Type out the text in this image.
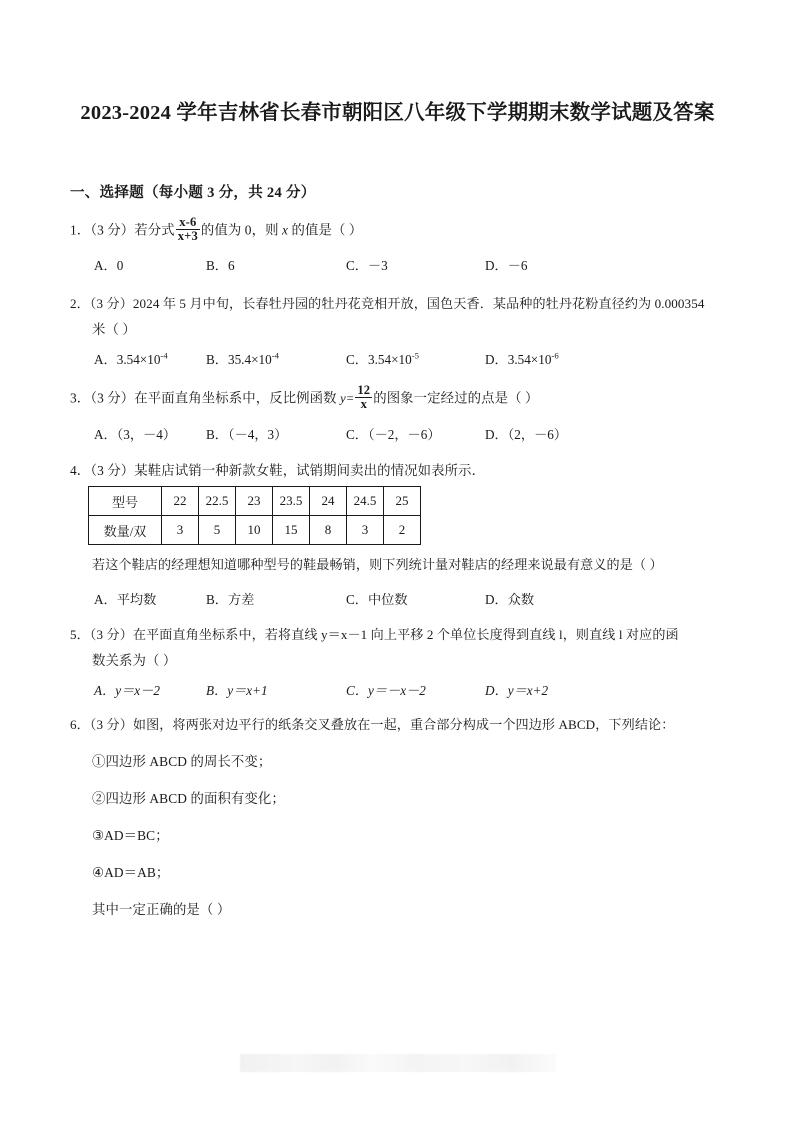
2023-2024 学年吉林省长春市朝阳区八年级下学期期末数学试题及答案
一、选择题（每小题 3 分，共 24 分）
1．（3 分）若分式 $\frac{x-6}{x+3}$ 的值为 0，则 x 的值是（ ）
A．0	B．6	C．－3	D．－6
2．（3 分）2024 年 5 月中旬，长春牡丹园的牡丹花竞相开放，国色天香．某品种的牡丹花粉直径约为 0.000354
米（ ）
A．$3.54\times 10^{-4}$	B．$35.4\times 10^{-4}$	C．$3.54\times 10^{-5}$	D．$3.54\times 10^{-6}$
3．（3 分）在平面直角坐标系中，反比例函数 $y= \frac{12}{x}$ 的图象一定经过的点是（ ）
A．（3，－4） B．（－4，3）	C．（－2，－6）	D．（2，－6）
4．（3 分）某鞋店试销一种新款女鞋，试销期间卖出的情况如表所示．
型号	22	22.5	23	23.5	24	24.5	25
数量/双	3	5	10	15	8	3	2
若这个鞋店的经理想知道哪种型号的鞋最畅销，则下列统计量对鞋店的经理来说最有意义的是（ ）
A．平均数	B．方差	C．中位数	D．众数
5．（3 分）在平面直角坐标系中，若将直线 y＝x－1 向上平移 2 个单位长度得到直线 l，则直线 l 对应的函
数关系为（ ）
A．y＝x－2	B．y＝x+1	C．y＝－x－2	D．y＝x+2
6．（3 分）如图，将两张对边平行的纸条交叉叠放在一起，重合部分构成一个四边形 ABCD，下列结论：
①四边形 ABCD 的周长不变；
②四边形 ABCD 的面积有变化；
③AD＝BC；
④AD＝AB；
其中一定正确的是（ ）
